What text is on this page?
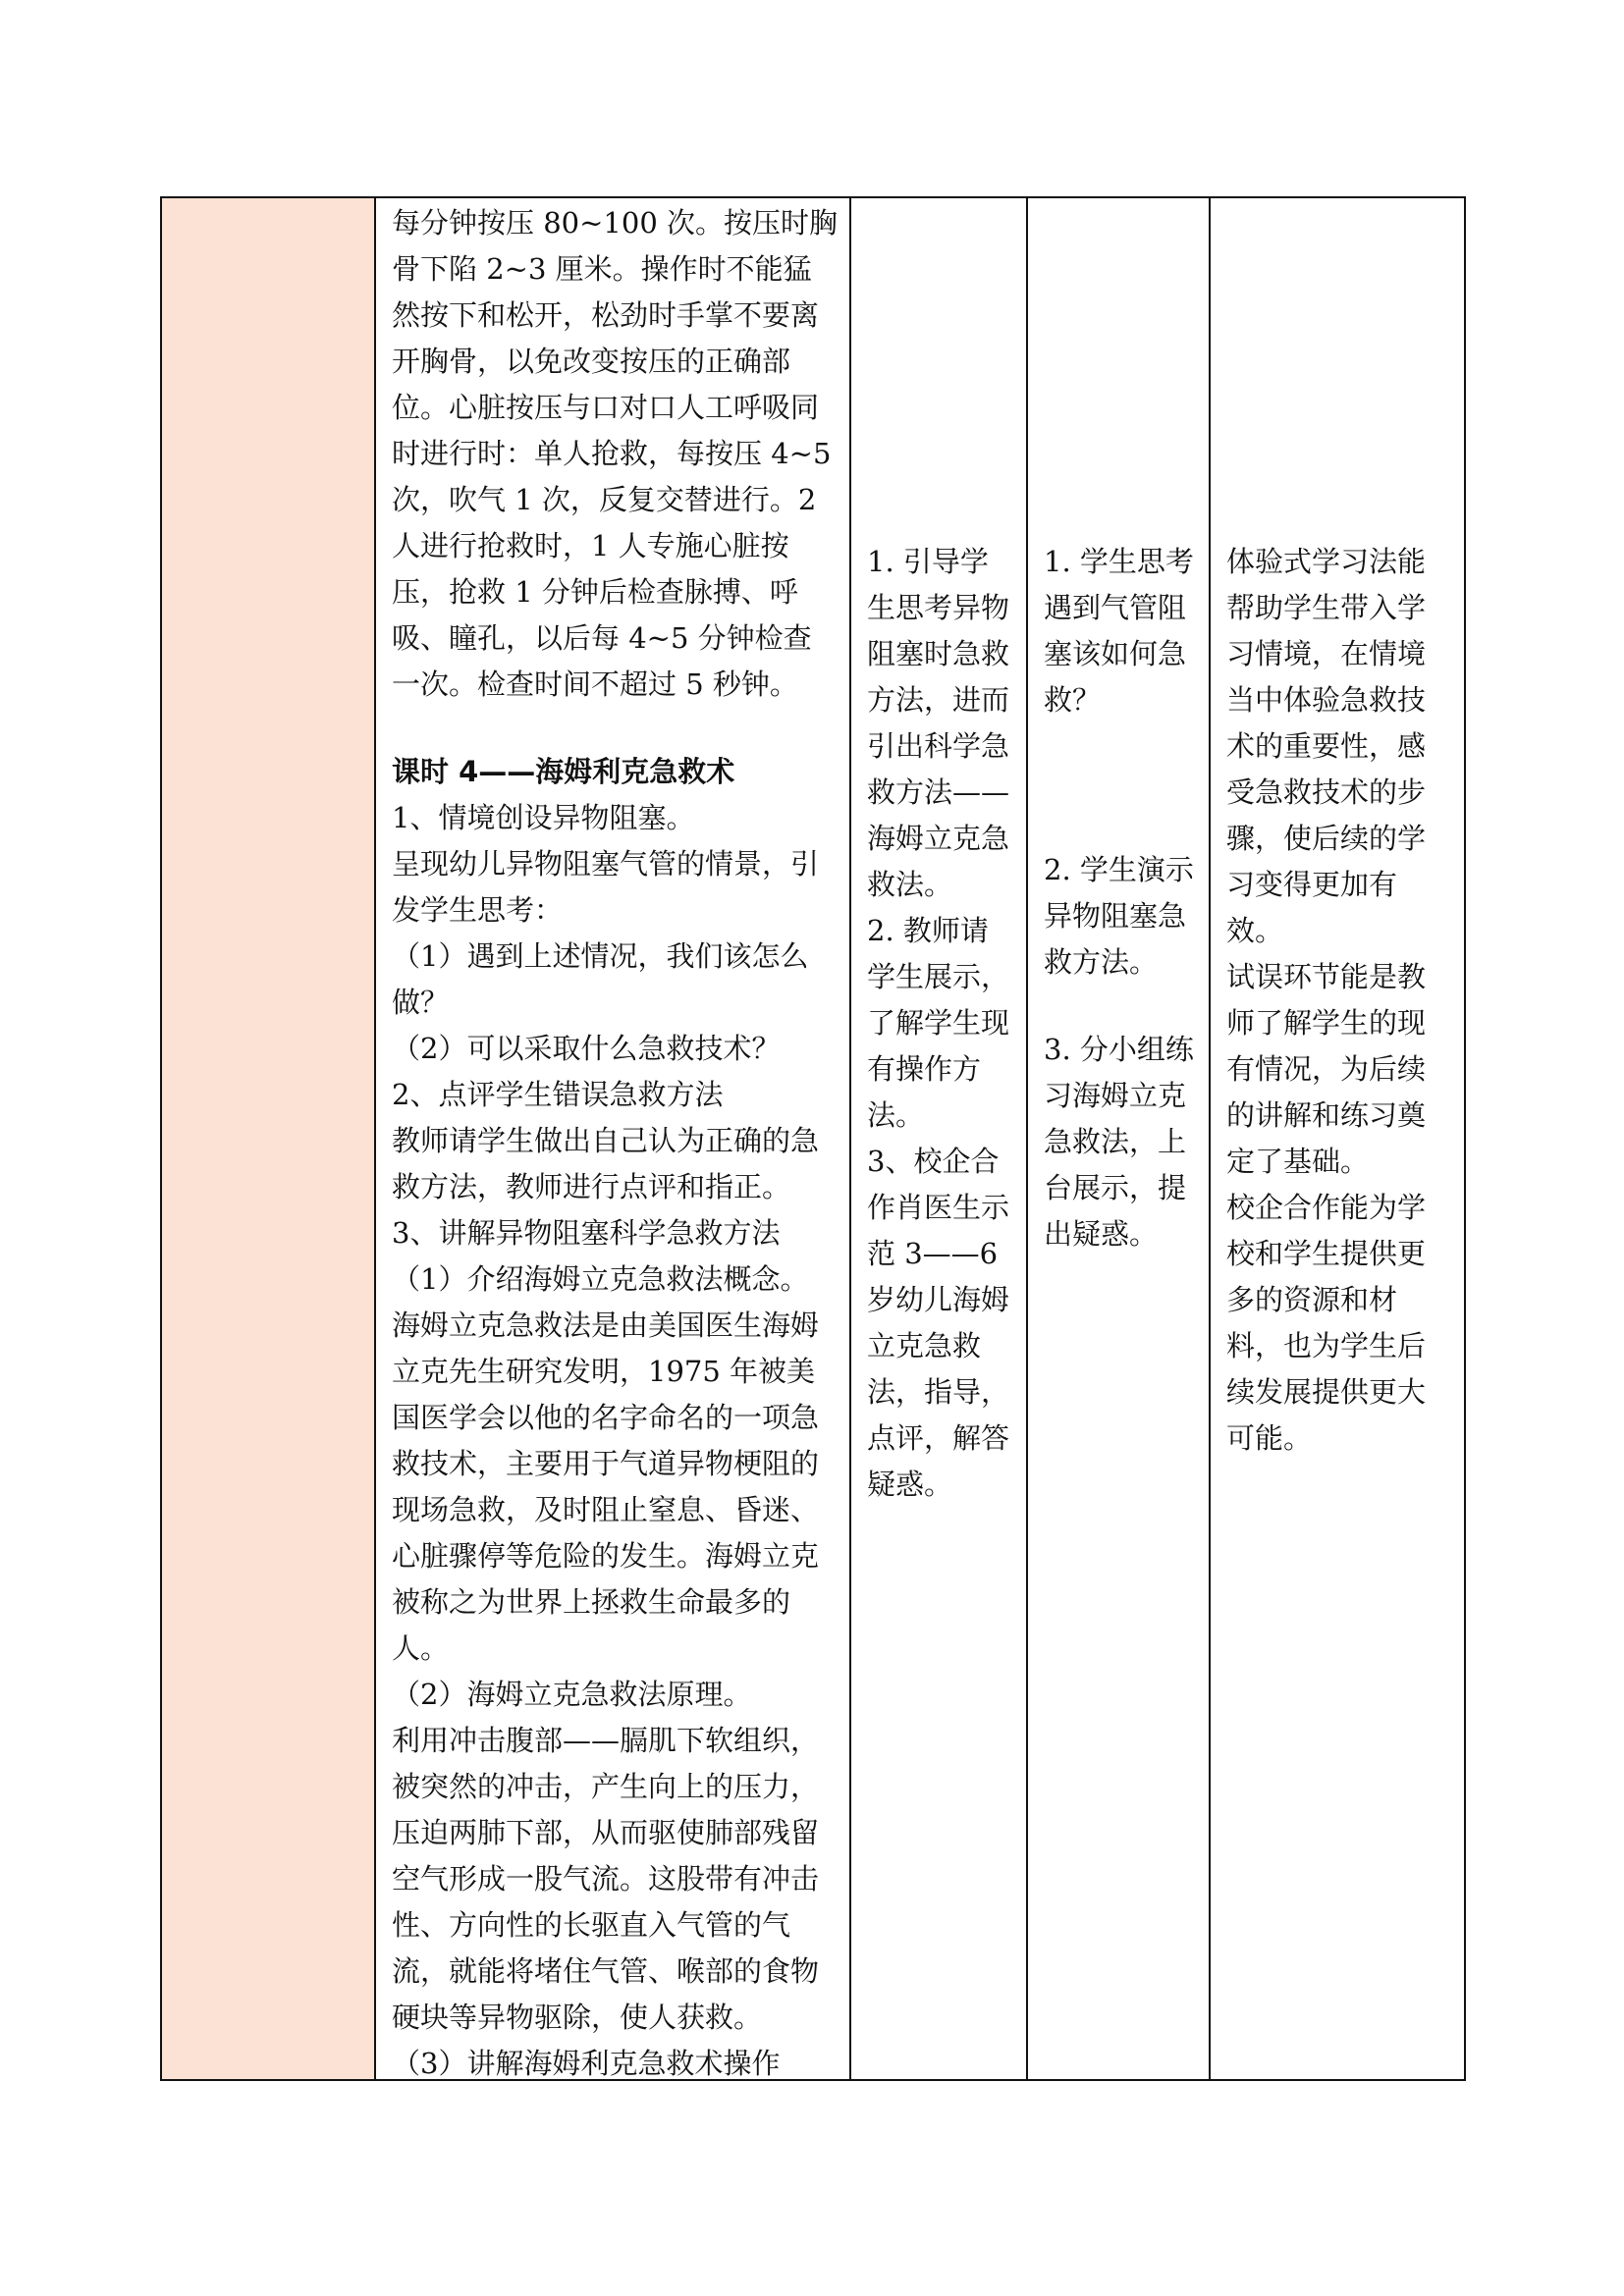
每分钟按压 80~100 次。按压时胸骨下陷 2~3 厘米。操作时不能猛然按下和松开，松劲时手掌不要离开胸骨，以免改变按压的正确部位。心脏按压与口对口人工呼吸同时进行时：单人抢救，每按压 4~5 次，吹气 1 次，反复交替进行。2 人进行抢救时，1 人专施心脏按压，抢救 1 分钟后检查脉搏、呼吸、瞳孔，以后每 4~5 分钟检查一次。检查时间不超过 5 秒钟。

课时 4——海姆利克急救术

1、情境创设异物阻塞。

呈现幼儿异物阻塞气管的情景，引发学生思考：

（1）遇到上述情况，我们该怎么做？

（2）可以采取什么急救技术？

2、点评学生错误急救方法

教师请学生做出自己认为正确的急救方法，教师进行点评和指正。

3、讲解异物阻塞科学急救方法

（1）介绍海姆立克急救法概念。

海姆立克急救法是由美国医生海姆立克先生研究发明，1975 年被美国医学会以他的名字命名的一项急救技术，主要用于气道异物梗阻的现场急救，及时阻止窒息、昏迷、心脏骤停等危险的发生。海姆立克被称之为世界上拯救生命最多的人。

（2）海姆立克急救法原理。

利用冲击腹部——膈肌下软组织，被突然的冲击，产生向上的压力，压迫两肺下部，从而驱使肺部残留空气形成一股气流。这股带有冲击性、方向性的长驱直入气管的气流，就能将堵住气管、喉部的食物硬块等异物驱除，使人获救。

（3）讲解海姆利克急救术操作

1. 引导学生思考异物阻塞时急救方法，进而引出科学急救方法——海姆立克急救法。

2. 教师请学生展示，了解学生现有操作方法。

3、校企合作肖医生示范 3——6 岁幼儿海姆立克急救法，指导，点评，解答疑惑。

1. 学生思考遇到气管阻塞该如何急救？

2. 学生演示异物阻塞急救方法。

3. 分小组练习海姆立克急救法，上台展示，提出疑惑。

体验式学习法能帮助学生带入学习情境，在情境当中体验急救技术的重要性，感受急救技术的步骤，使后续的学习变得更加有效。

试误环节能是教师了解学生的现有情况，为后续的讲解和练习奠定了基础。

校企合作能为学校和学生提供更多的资源和材料，也为学生后续发展提供更大可能。
